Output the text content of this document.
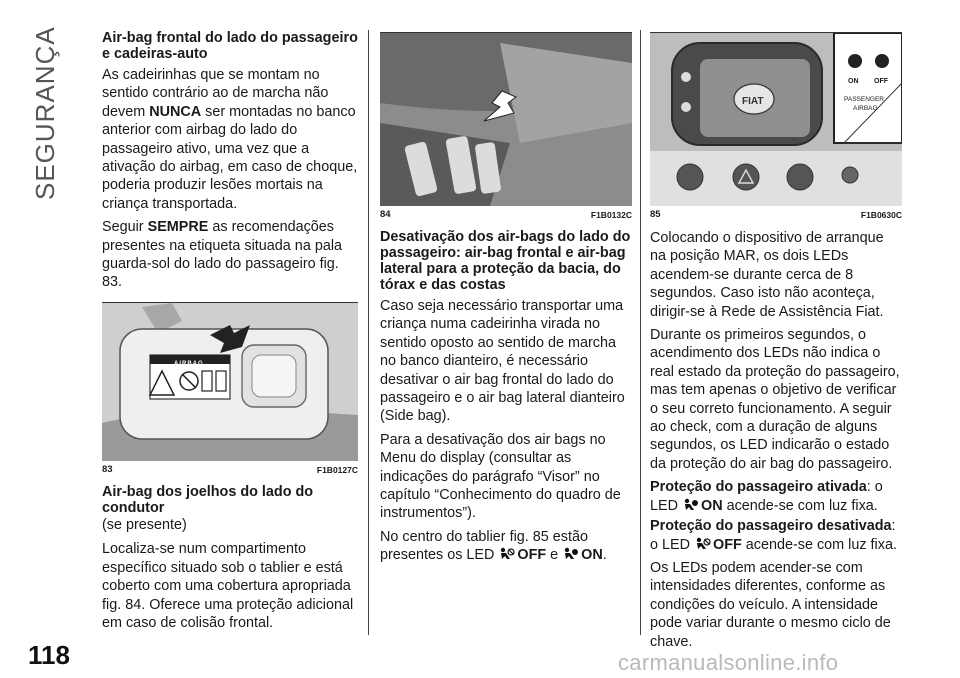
SEGURANÇA	Air-bag frontal do lado do passageiro e cadeiras-auto

As cadeirinhas que se montam no sentido contrário ao de marcha não devem NUNCA ser montadas no banco anterior com airbag do lado do passageiro ativo, uma vez que a ativação do airbag, em caso de choque, poderia produzir lesões mortais na criança transportada.

Seguir SEMPRE as recomendações presentes na etiqueta situada na pala guarda-sol do lado do passageiro fig. 83.

AIRBAG
83	F1B0127C
Air-bag dos joelhos do lado do condutor

(se presente)

Localiza-se num compartimento específico situado sob o tablier e está coberto com uma cobertura apropriada fig. 84. Oferece uma proteção adicional em caso de colisão frontal.

84	F1B0132C
Desativação dos air-bags do lado do passageiro: air-bag frontal e air-bag lateral para a proteção da bacia, do tórax e das costas

Caso seja necessário transportar uma criança numa cadeirinha virada no sentido oposto ao sentido de marcha no banco dianteiro, é necessário desativar o air bag frontal do lado do passageiro e o air bag lateral dianteiro (Side bag).

Para a desativação dos air bags no Menu do display (consultar as indicações do parágrafo “Visor” no capítulo “Conhecimento do quadro de instrumentos”).

No centro do tablier fig. 85 estão presentes os LED OFF e ON.

ON OFF
PASSENGER
AIRBAG
FIAT
85	F1B0630C

Colocando o dispositivo de arranque na posição MAR, os dois LEDs acendem-se durante cerca de 8 segundos. Caso isto não aconteça, dirigir-se à Rede de Assistência Fiat.

Durante os primeiros segundos, o acendimento dos LEDs não indica o real estado da proteção do passageiro, mas tem apenas o objetivo de verificar o seu correto funcionamento. A seguir ao check, com a duração de alguns segundos, os LED indicarão o estado da proteção do air bag do passageiro.

Proteção do passageiro ativada: o LED ON acende-se com luz fixa.

Proteção do passageiro desativada: o LED OFF acende-se com luz fixa.

Os LEDs podem acender-se com intensidades diferentes, conforme as condições do veículo. A intensidade pode variar durante o mesmo ciclo de chave.

118	carmanualsonline.info
